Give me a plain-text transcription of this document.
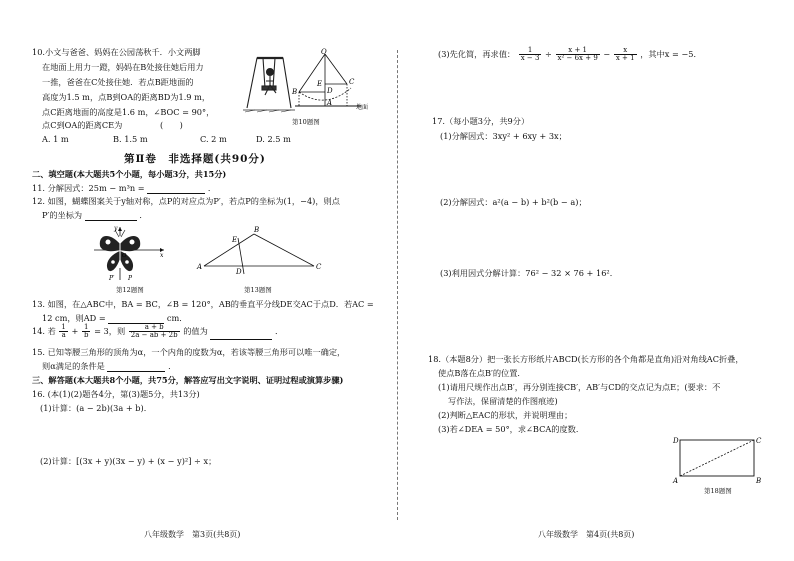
10.小文与爸爸、妈妈在公园荡秋千．小文两脚
在地面上用力一蹬，妈妈在B处接住她后用力
一推，爸爸在C处接住她．若点B距地面的
高度为1.5 m，点B到OA的距离BD为1.9 m，
点C距离地面的高度是1.6 m，∠BOC = 90°，
点C到OA的距离CE为	(　　)
A. 1 m	B. 1.5 m	C. 2 m	D. 2.5 m
O
E	C
B	D
A
地面
第10题图
第Ⅱ卷　非选择题(共90分)
二、填空题(本大题共5个小题，每小题3分，共15分)
11. 分解因式：25m − m³n =	．
12. 如图，蝴蝶图案关于y轴对称，点P的对应点为P′，若点P的坐标为(1，−4)，则点
P′的坐标为	．
y
x
O
P′ P
第12题图
A
B
C
D
E
第13题图
13. 如图，在△ABC中，BA = BC，∠B = 120°，AB的垂直平分线DE交AC于点D．若AC =
12 cm，则AD =	cm．
14. 若 $\frac{1}{a} + \frac{1}{b} = 3$，则 $\frac{a + b}{2a - ab + 2b}$ 的值为	．
15. 已知等腰三角形的顶角为α，一个内角的度数为α，若该等腰三角形可以唯一确定，
则α满足的条件是	．
三、解答题(本大题共8个小题，共75分，解答应写出文字说明、证明过程或演算步骤)
16. (本(1)(2)题各4分，第(3)题5分，共13分)
(1)计算：(a − 2b)(3a + b)．
(2)计算：[(3x + y)(3x − y) + (x − y)²] ÷ x；
八年级数学　第3页(共8页)
(3)先化简，再求值： $\frac{1}{x - 3} \div \frac{x + 1}{\text{x² − 6x + 9}} - \frac{x}{x + 1}$ ，其中x = −5．
17.（每小题3分，共9分）
(1)分解因式：3xy² + 6xy + 3x；
(2)分解因式：a²(a − b) + b²(b − a)；
(3)利用因式分解计算：76² − 32 × 76 + 16²．
18.（本题8分）把一张长方形纸片ABCD(长方形的各个角都是直角)沿对角线AC折叠，
使点B落在点B′的位置．
(1)请用尺规作出点B′，再分别连接CB′，AB′与CD的交点记为点E；(要求：不
写作法，保留清楚的作图痕迹)
(2)判断△EAC的形状，并说明理由；
(3)若∠DEA = 50°，求∠BCA的度数．
D	C
A	B
第18题图
八年级数学　第4页(共8页)
